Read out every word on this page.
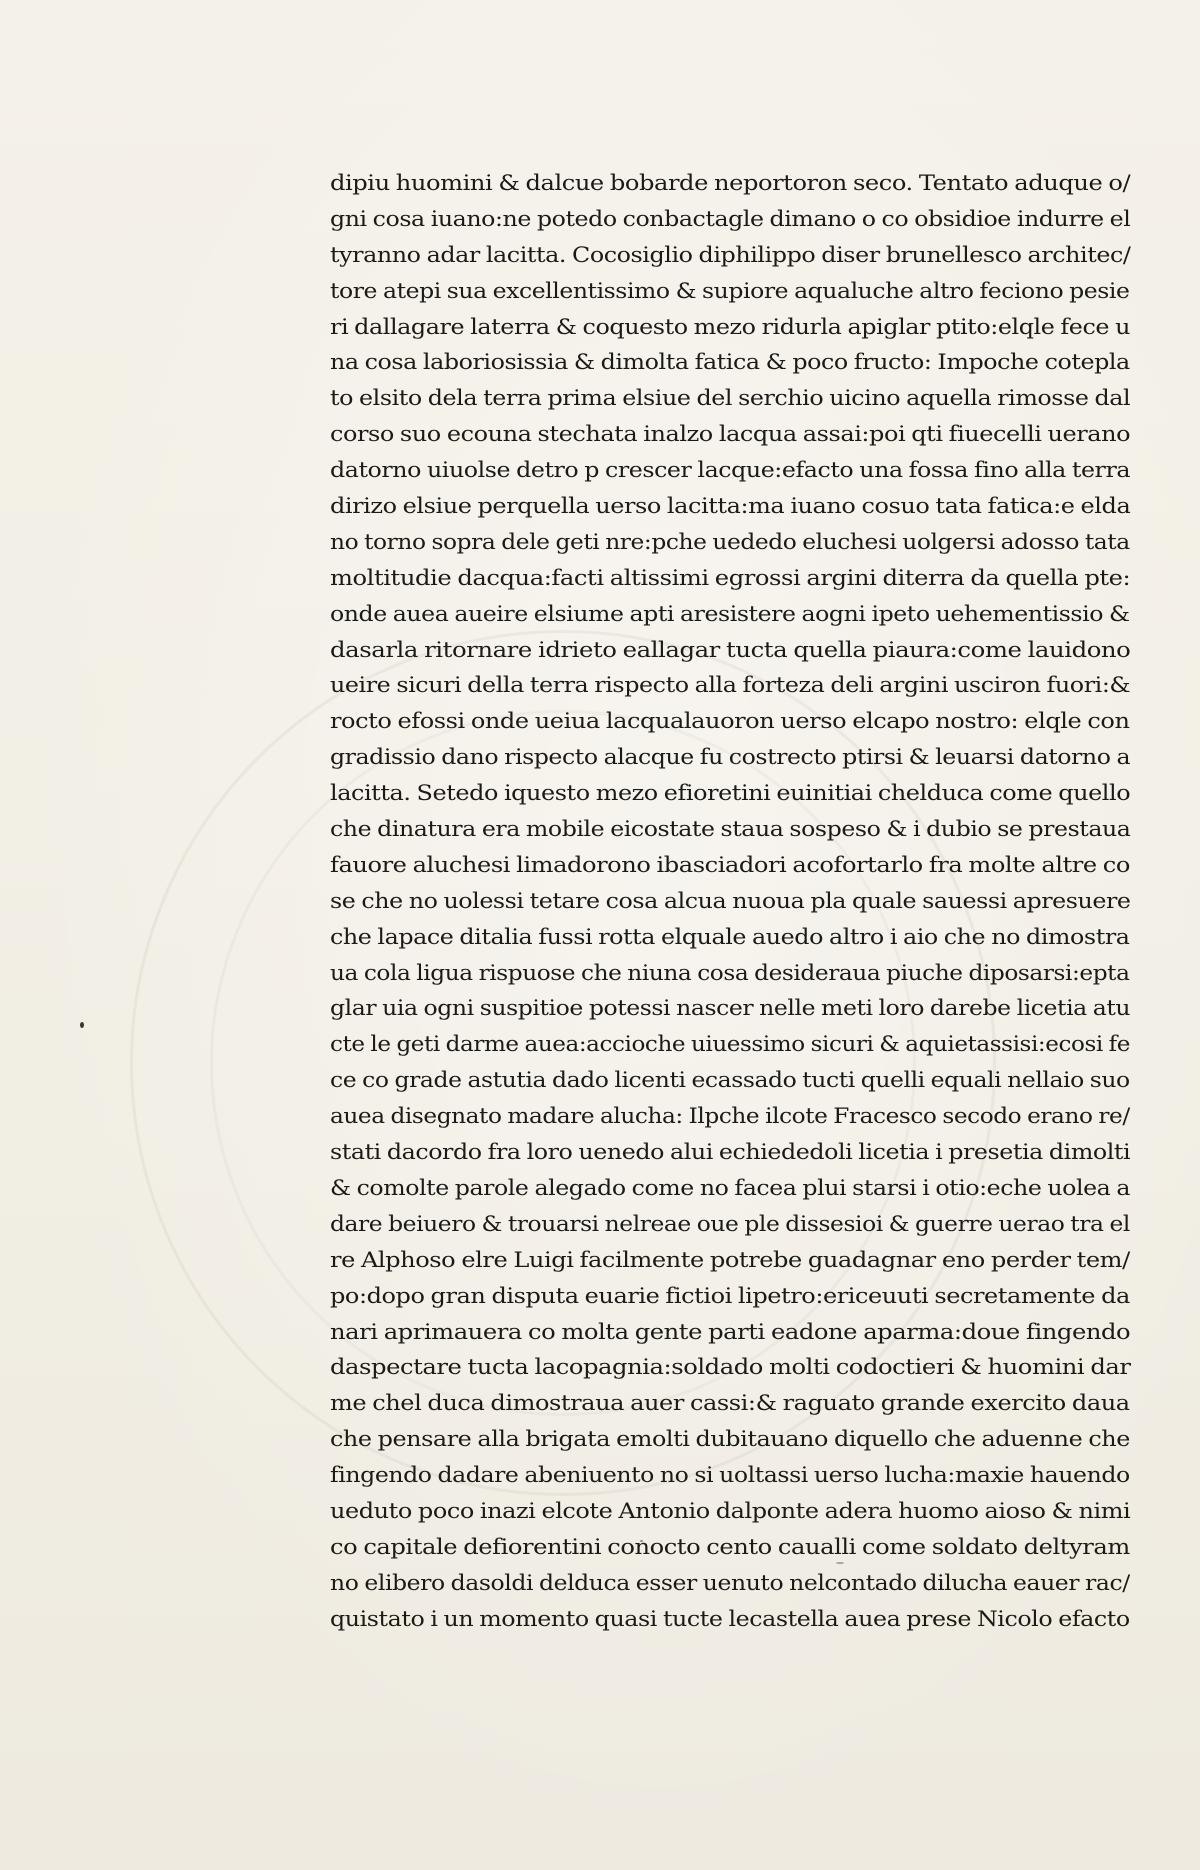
dipiu huomini & dalcue bobarde neportoron seco. Tentato aduque o/
gni cosa iuano:ne potedo conbactagle dimano o co obsidioe indurre el
tyranno adar lacitta. Cocosiglio diphilippo diser brunellesco architec/
tore atepi sua excellentissimo & supiore aqualuche altro feciono pesie
ri dallagare laterra & coquesto mezo ridurla apiglar ptito:elqle fece u
na cosa laboriosissia & dimolta fatica & poco fructo: Impoche cotepla
to elsito dela terra prima elsiue del serchio uicino aquella rimosse dal
corso suo ecouna stechata inalzo lacqua assai:poi qti fiuecelli uerano
datorno uiuolse detro p crescer lacque:efacto una fossa fino alla terra
dirizo elsiue perquella uerso lacitta:ma iuano cosuo tata fatica:e elda
no torno sopra dele geti nre:pche uededo eluchesi uolgersi adosso tata
moltitudie dacqua:facti altissimi egrossi argini diterra da quella pte:
onde auea aueire elsiume apti aresistere aogni ipeto uehementissio &
dasarla ritornare idrieto eallagar tucta quella piaura:come lauidono
ueire sicuri della terra rispecto alla forteza deli argini usciron fuori:&
rocto efossi onde ueiua lacqualauoron uerso elcapo nostro: elqle con
gradissio dano rispecto alacque fu costrecto ptirsi & leuarsi datorno a
lacitta. Setedo iquesto mezo efioretini euinitiai chelduca come quello
che dinatura era mobile eicostate staua sospeso & i dubio se prestaua
fauore aluchesi limadorono ibasciadori acofortarlo fra molte altre co
se che no uolessi tetare cosa alcua nuoua pla quale sauessi apresuere
che lapace ditalia fussi rotta elquale auedo altro i aio che no dimostra
ua cola ligua rispuose che niuna cosa desideraua piuche diposarsi:epta
glar uia ogni suspitioe potessi nascer nelle meti loro darebe licetia atu
cte le geti darme auea:accioche uiuessimo sicuri & aquietassisi:ecosi fe
ce co grade astutia dado licenti ecassado tucti quelli equali nellaio suo
auea disegnato madare alucha: Ilpche ilcote Fracesco secodo erano re/
stati dacordo fra loro uenedo alui echiededoli licetia i presetia dimolti
& comolte parole alegado come no facea plui starsi i otio:eche uolea a
dare beiuero & trouarsi nelreae oue ple dissesioi & guerre uerao tra el
re Alphoso elre Luigi facilmente potrebe guadagnar eno perder tem/
po:dopo gran disputa euarie fictioi lipetro:ericeuuti secretamente da
nari aprimauera co molta gente parti eadone aparma:doue fingendo
daspectare tucta lacopagnia:soldado molti codoctieri & huomini dar
me chel duca dimostraua auer cassi:& raguato grande exercito daua
che pensare alla brigata emolti dubitauano diquello che aduenne che
fingendo dadare abeniuento no si uoltassi uerso lucha:maxie hauendo
ueduto poco inazi elcote Antonio dalponte adera huomo aioso & nimi
co capitale defiorentini conocto cento caualli come soldato deltyram
no elibero dasoldi delduca esser uenuto nelcontado dilucha eauer rac/
quistato i un momento quasi tucte lecastella auea prese Nicolo efacto
